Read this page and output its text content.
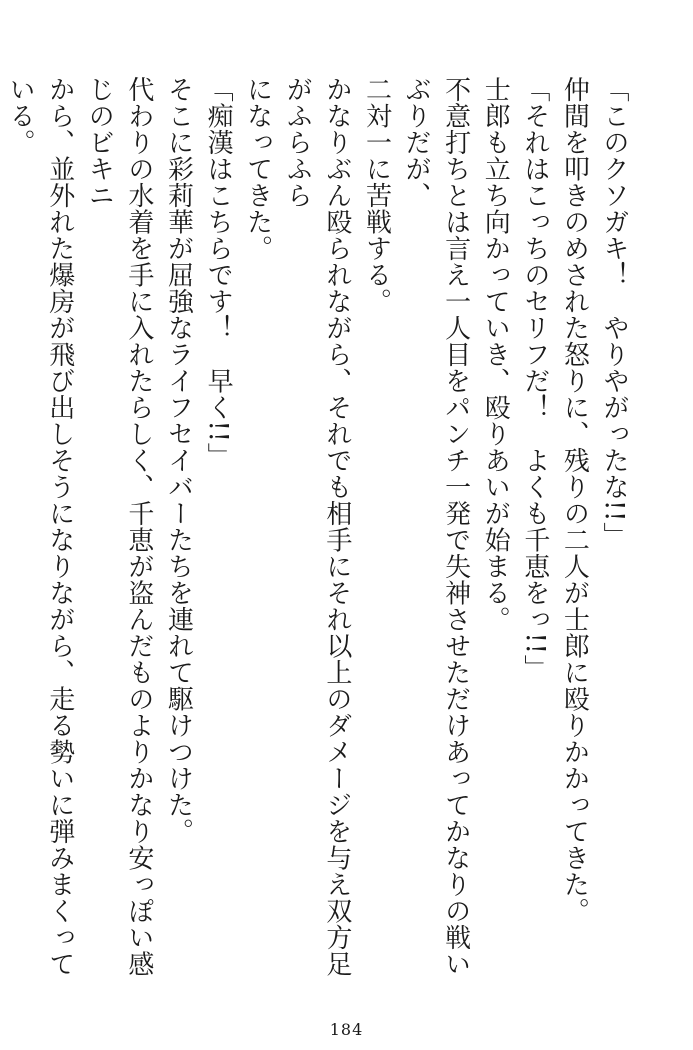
「このクソガキ！　やりやがったな!!」

仲間を叩きのめされた怒りに、残りの二人が士郎に殴りかかってきた。

「それはこっちのセリフだ！　よくも千恵をっ!!」

士郎も立ち向かっていき、殴りあいが始まる。

不意打ちとは言え一人目をパンチ一発で失神させただけあってかなりの戦いぶりだが、

二対一に苦戦する。

かなりぶん殴られながら、それでも相手にそれ以上のダメージを与え双方足がふらふら

になってきた。

「痴漢はこちらです！　早く!!」

そこに彩莉華が屈強なライフセイバーたちを連れて駆けつけた。

代わりの水着を手に入れたらしく、千恵が盗んだものよりかなり安っぽい感じのビキニ

から、並外れた爆房が飛び出しそうになりながら、走る勢いに弾みまくっている。

184
